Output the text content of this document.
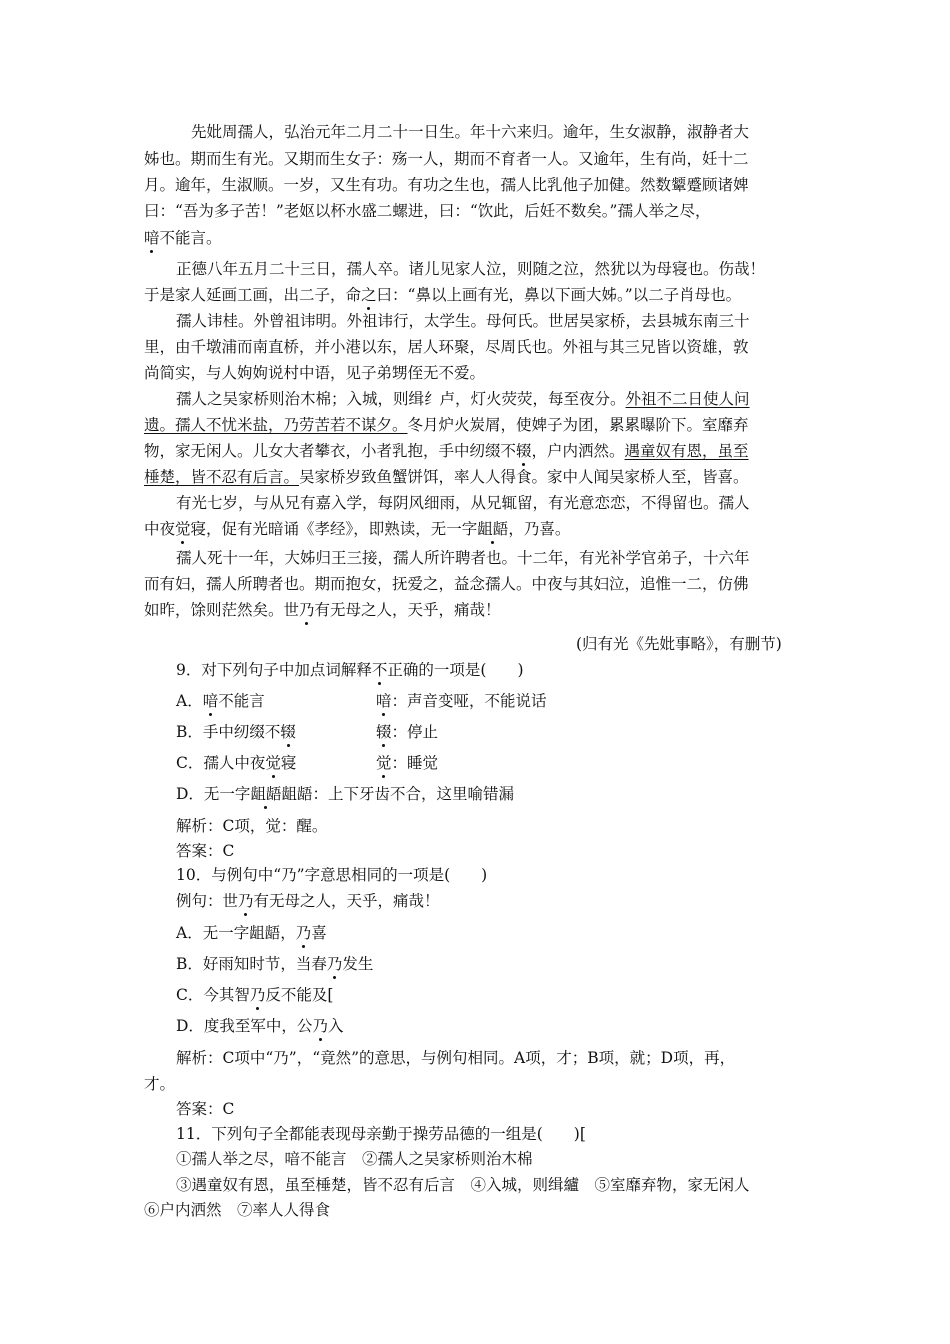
先妣周孺人，弘治元年二月二十一日生。年十六来归。逾年，生女淑静，淑静者大
姊也。期而生有光。又期而生女子：殇一人，期而不育者一人。又逾年，生有尚，妊十二
月。逾年，生淑顺。一岁，又生有功。有功之生也，孺人比乳他子加健。然数颦蹙顾诸婢
曰：“吾为多子苦！”老妪以杯水盛二螺进，曰：“饮此，后妊不数矣。”孺人举之尽，
喑不能言。
正德八年五月二十三日，孺人卒。诸儿见家人泣，则随之泣，然犹以为母寝也。伤哉！
于是家人延画工画，出二子，命之曰：“鼻以上画有光，鼻以下画大姊。”以二子肖母也。
孺人讳桂。外曾祖讳明。外祖讳行，太学生。母何氏。世居吴家桥，去县城东南三十
里，由千墩浦而南直桥，并小港以东，居人环聚，尽周氏也。外祖与其三兄皆以资雄，敦
尚简实，与人姁姁说村中语，见子弟甥侄无不爱。
孺人之吴家桥则治木棉；入城，则缉纟卢，灯火荧荧，每至夜分。外祖不二日使人问
遗。孺人不忧米盐，乃劳苦若不谋夕。冬月炉火炭屑，使婢子为团，累累曝阶下。室靡弃
物，家无闲人。儿女大者攀衣，小者乳抱，手中纫缀不辍，户内洒然。遇童奴有恩，虽至
棰楚，皆不忍有后言。吴家桥岁致鱼蟹饼饵，率人人得食。家中人闻吴家桥人至，皆喜。
有光七岁，与从兄有嘉入学，每阴风细雨，从兄辄留，有光意恋恋，不得留也。孺人
中夜觉寝，促有光暗诵《孝经》，即熟读，无一字龃龉，乃喜。
孺人死十一年，大姊归王三接，孺人所许聘者也。十二年，有光补学官弟子，十六年
而有妇，孺人所聘者也。期而抱女，抚爱之，益念孺人。中夜与其妇泣，追惟一二，仿佛
如昨，馀则茫然矣。世乃有无母之人，天乎，痛哉！
(归有光《先妣事略》，有删节)
9．对下列句子中加点词解释不正确的一项是(　　)
A．喑不能言	喑：声音变哑，不能说话
B．手中纫缀不辍	辍：停止
C．孺人中夜觉寝	觉：睡觉
D．无一字龃龉龃龉：上下牙齿不合，这里喻错漏
解析：C项，觉：醒。
答案：C
10．与例句中“乃”字意思相同的一项是(　　)
例句：世乃有无母之人，天乎，痛哉！
A．无一字龃龉，乃喜
B．好雨知时节，当春乃发生
C．今其智乃反不能及[
D．度我至军中，公乃入
解析：C项中“乃”，“竟然”的意思，与例句相同。A项，才；B项，就；D项，再，
才。
答案：C
11．下列句子全都能表现母亲勤于操劳品德的一组是(　　)[
①孺人举之尽，喑不能言　②孺人之吴家桥则治木棉
③遇童奴有恩，虽至棰楚，皆不忍有后言　④入城，则缉纑　⑤室靡弃物，家无闲人
⑥户内洒然　⑦率人人得食
